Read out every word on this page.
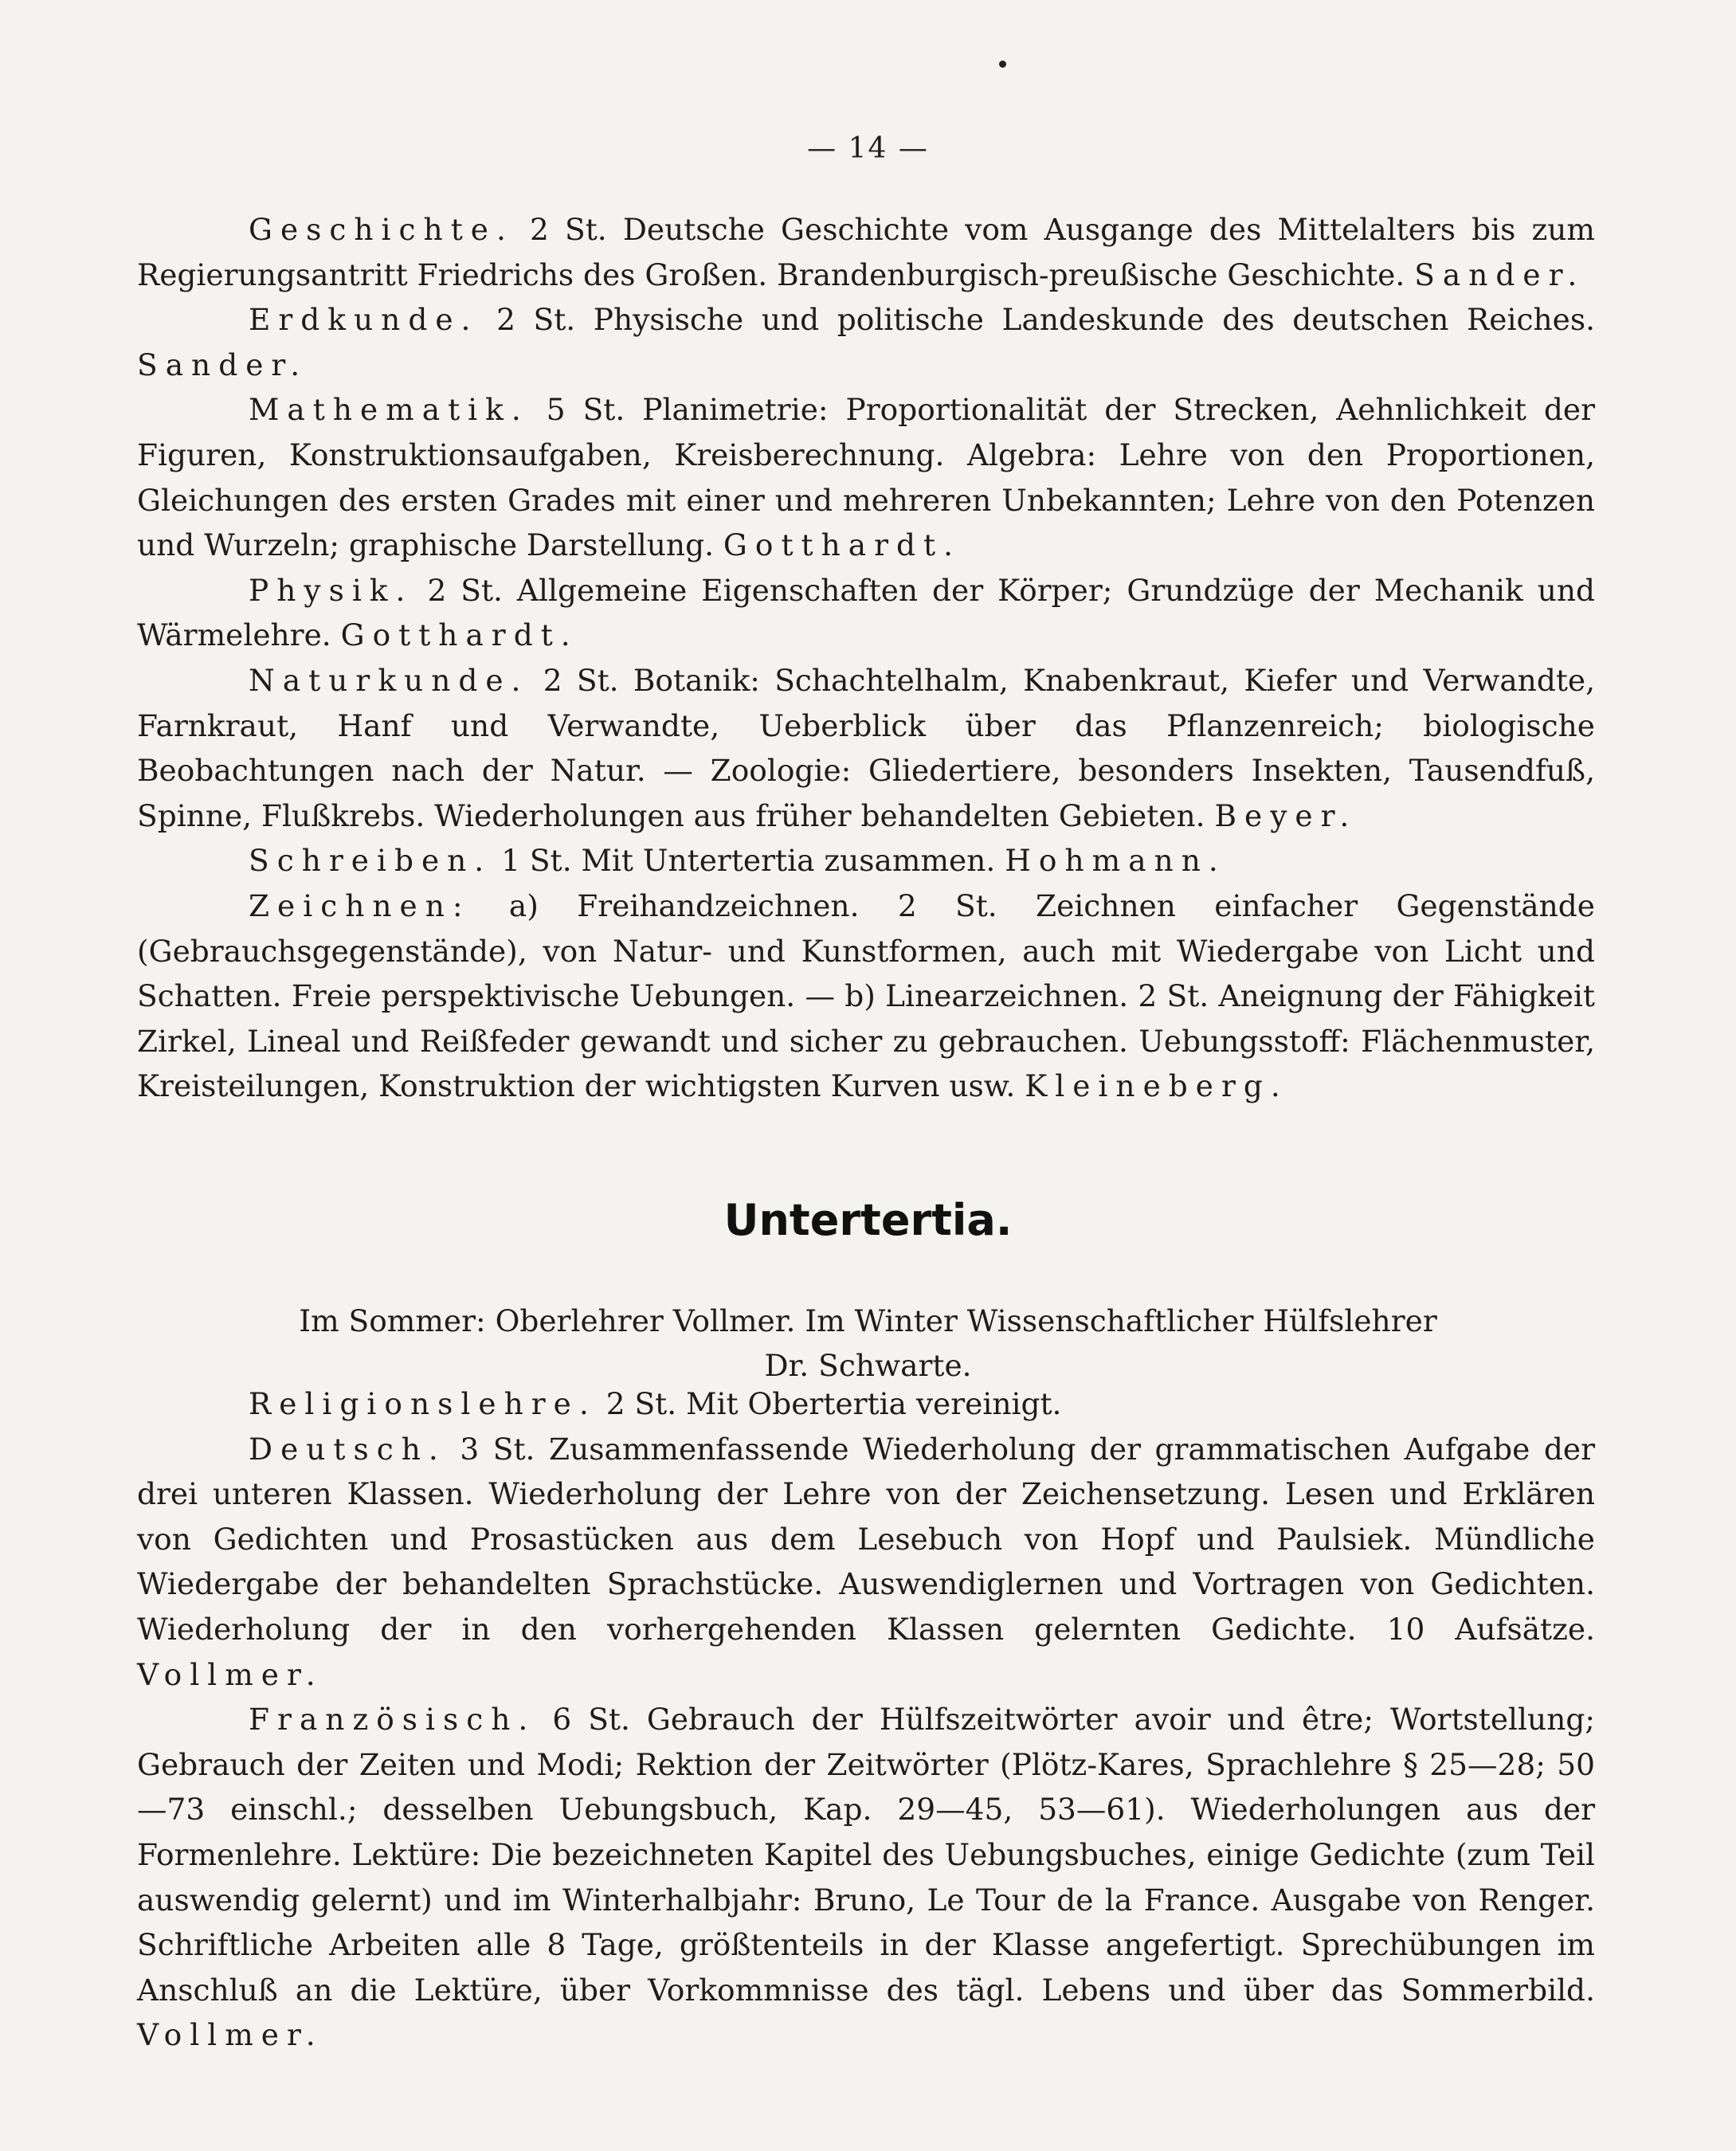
— 14 —

Geschichte. 2 St. Deutsche Geschichte vom Ausgange des Mittelalters bis zum Regierungsantritt Friedrichs des Großen. Brandenburgisch-preußische Geschichte. Sander.

Erdkunde. 2 St. Physische und politische Landeskunde des deutschen Reiches. Sander.

Mathematik. 5 St. Planimetrie: Proportionalität der Strecken, Aehnlichkeit der Figuren, Konstruktionsaufgaben, Kreisberechnung. Algebra: Lehre von den Proportionen, Gleichungen des ersten Grades mit einer und mehreren Unbekannten; Lehre von den Potenzen und Wurzeln; graphische Darstellung. Gotthardt.

Physik. 2 St. Allgemeine Eigenschaften der Körper; Grundzüge der Mechanik und Wärmelehre. Gotthardt.

Naturkunde. 2 St. Botanik: Schachtelhalm, Knabenkraut, Kiefer und Verwandte, Farnkraut, Hanf und Verwandte, Ueberblick über das Pflanzenreich; biologische Beobachtungen nach der Natur. — Zoologie: Gliedertiere, besonders Insekten, Tausendfuß, Spinne, Flußkrebs. Wiederholungen aus früher behandelten Gebieten. Beyer.

Schreiben. 1 St. Mit Untertertia zusammen. Hohmann.

Zeichnen: a) Freihandzeichnen. 2 St. Zeichnen einfacher Gegenstände (Gebrauchsgegenstände), von Natur- und Kunstformen, auch mit Wiedergabe von Licht und Schatten. Freie perspektivische Uebungen. — b) Linearzeichnen. 2 St. Aneignung der Fähigkeit Zirkel, Lineal und Reißfeder gewandt und sicher zu gebrauchen. Uebungsstoff: Flächenmuster, Kreisteilungen, Konstruktion der wichtigsten Kurven usw. Kleineberg.

Untertertia.
Im Sommer: Oberlehrer Vollmer. Im Winter Wissenschaftlicher Hülfslehrer
Dr. Schwarte.

Religionslehre. 2 St. Mit Obertertia vereinigt.

Deutsch. 3 St. Zusammenfassende Wiederholung der grammatischen Aufgabe der drei unteren Klassen. Wiederholung der Lehre von der Zeichensetzung. Lesen und Erklären von Gedichten und Prosastücken aus dem Lesebuch von Hopf und Paulsiek. Mündliche Wiedergabe der behandelten Sprachstücke. Auswendiglernen und Vortragen von Gedichten. Wiederholung der in den vorhergehenden Klassen gelernten Gedichte. 10 Aufsätze. Vollmer.

Französisch. 6 St. Gebrauch der Hülfszeitwörter avoir und être; Wortstellung; Gebrauch der Zeiten und Modi; Rektion der Zeitwörter (Plötz-Kares, Sprachlehre § 25—28; 50—73 einschl.; desselben Uebungsbuch, Kap. 29—45, 53—61). Wiederholungen aus der Formenlehre. Lektüre: Die bezeichneten Kapitel des Uebungsbuches, einige Gedichte (zum Teil auswendig gelernt) und im Winterhalbjahr: Bruno, Le Tour de la France. Ausgabe von Renger. Schriftliche Arbeiten alle 8 Tage, größtenteils in der Klasse angefertigt. Sprechübungen im Anschluß an die Lektüre, über Vorkommnisse des tägl. Lebens und über das Sommerbild. Vollmer.
